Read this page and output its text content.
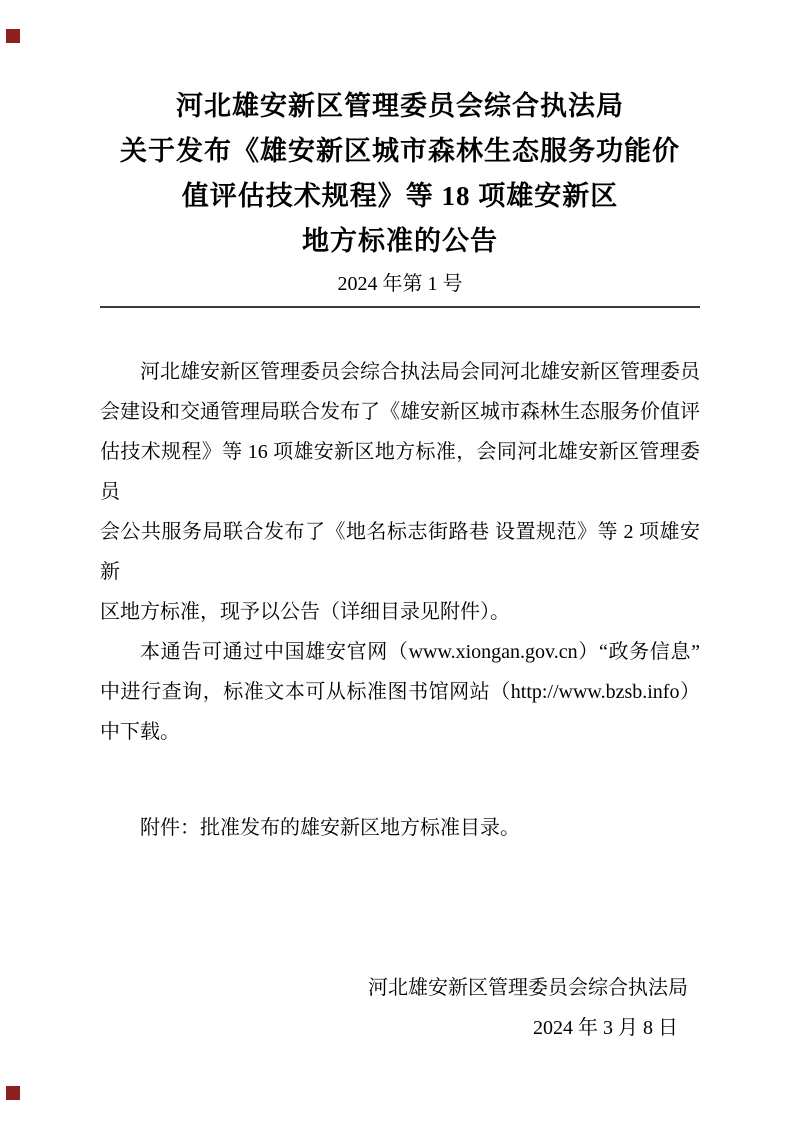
河北雄安新区管理委员会综合执法局
关于发布《雄安新区城市森林生态服务功能价
值评估技术规程》等 18 项雄安新区
地方标准的公告
2024 年第 1 号
河北雄安新区管理委员会综合执法局会同河北雄安新区管理委员
会建设和交通管理局联合发布了《雄安新区城市森林生态服务价值评
估技术规程》等 16 项雄安新区地方标准，会同河北雄安新区管理委员
会公共服务局联合发布了《地名标志街路巷 设置规范》等 2 项雄安新
区地方标准，现予以公告（详细目录见附件）。
本通告可通过中国雄安官网（www.xiongan.gov.cn）“政务信息”
中进行查询，标准文本可从标准图书馆网站（http://www.bzsb.info）
中下载。
附件：批准发布的雄安新区地方标准目录。
河北雄安新区管理委员会综合执法局
2024 年 3 月 8 日
